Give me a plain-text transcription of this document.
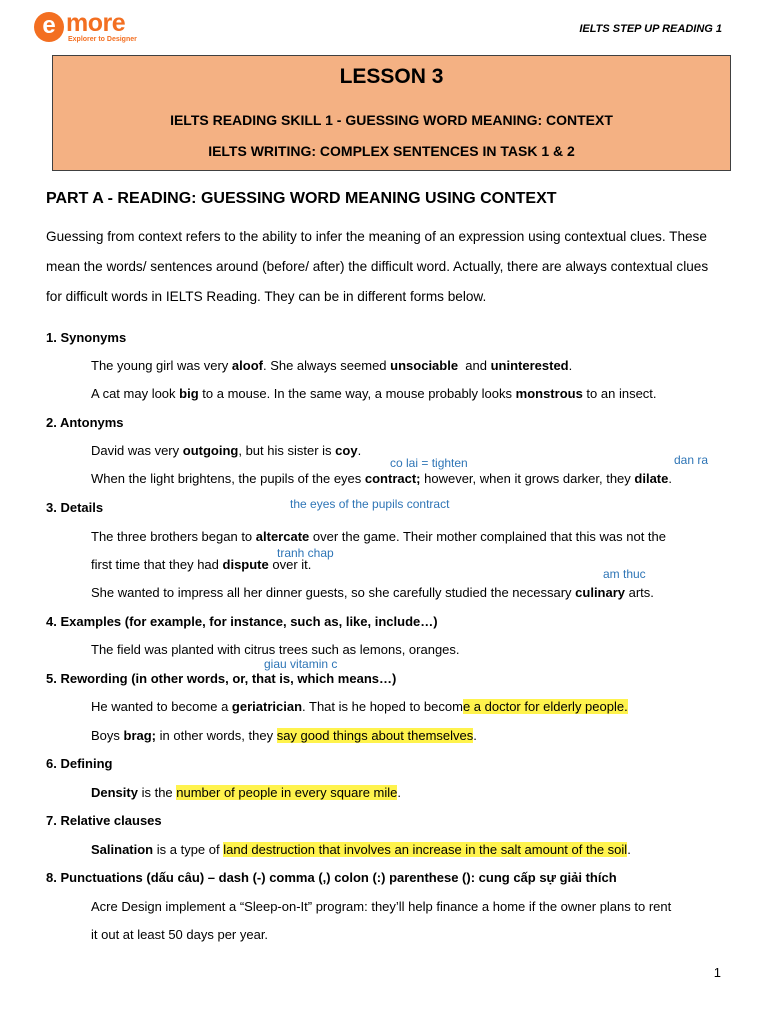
e more
Explorer to Designer
IELTS STEP UP READING 1
LESSON 3
IELTS READING SKILL 1 - GUESSING WORD MEANING: CONTEXT
IELTS WRITING: COMPLEX SENTENCES IN TASK 1 & 2
PART A - READING: GUESSING WORD MEANING USING CONTEXT
Guessing from context refers to the ability to infer the meaning of an expression using contextual clues. These mean the words/ sentences around (before/ after) the difficult word. Actually, there are always contextual clues for difficult words in IELTS Reading. They can be in different forms below.
1. Synonyms
The young girl was very aloof. She always seemed unsociable  and uninterested.
A cat may look big to a mouse. In the same way, a mouse probably looks monstrous to an insect.
2. Antonyms
David was very outgoing, but his sister is coy.
co lai = tighten	dan ra
When the light brightens, the pupils of the eyes contract; however, when it grows darker, they dilate.
the eyes of the pupils contract
3. Details
The three brothers began to altercate over the game. Their mother complained that this was not the
tranh chap
first time that they had dispute over it.
am thuc
She wanted to impress all her dinner guests, so she carefully studied the necessary culinary arts.
4. Examples (for example, for instance, such as, like, include…)
The field was planted with citrus trees such as lemons, oranges.
giau vitamin c
5. Rewording (in other words, or, that is, which means…)
He wanted to become a geriatrician. That is he hoped to become a doctor for elderly people.
Boys brag; in other words, they say good things about themselves.
6. Defining
Density is the number of people in every square mile.
7. Relative clauses
Salination is a type of land destruction that involves an increase in the salt amount of the soil.
8. Punctuations (dấu câu) – dash (-) comma (,) colon (:) parenthese (): cung cấp sự giải thích
Acre Design implement a “Sleep-on-It” program: they’ll help finance a home if the owner plans to rent
it out at least 50 days per year.
1
